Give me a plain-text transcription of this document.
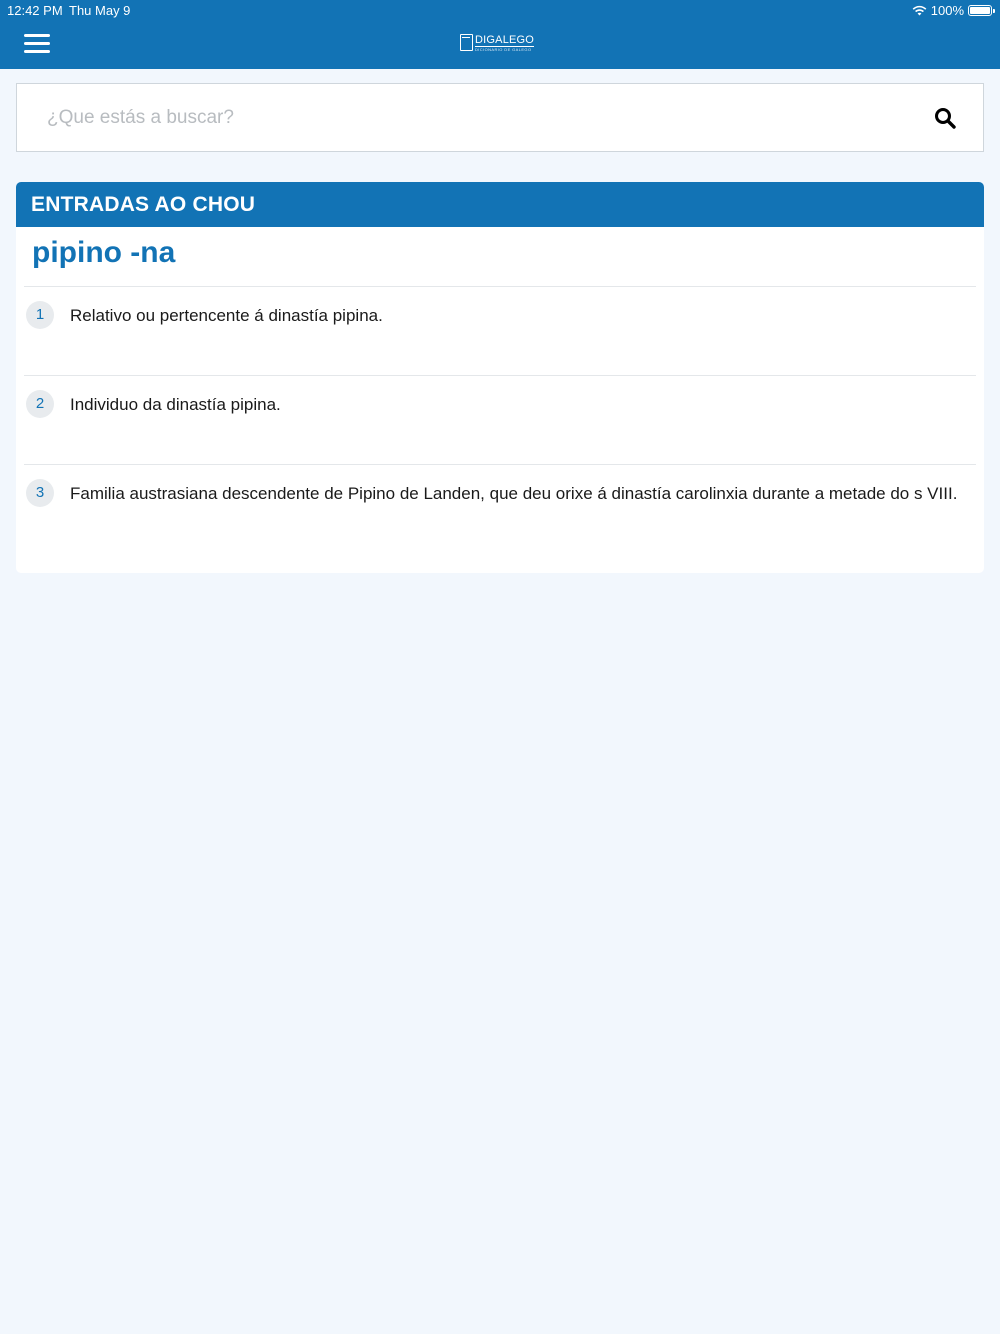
12:42 PM Thu May 9	100%
DIGALEGO
DICIONARIO DE GALEGO
¿Que estás a buscar?
ENTRADAS AO CHOU
pipino -na
1	Relativo ou pertencente á dinastía pipina.
2	Individuo da dinastía pipina.
3	Familia austrasiana descendente de Pipino de Landen, que deu orixe á dinastía carolinxia durante a metade do s VIII.
